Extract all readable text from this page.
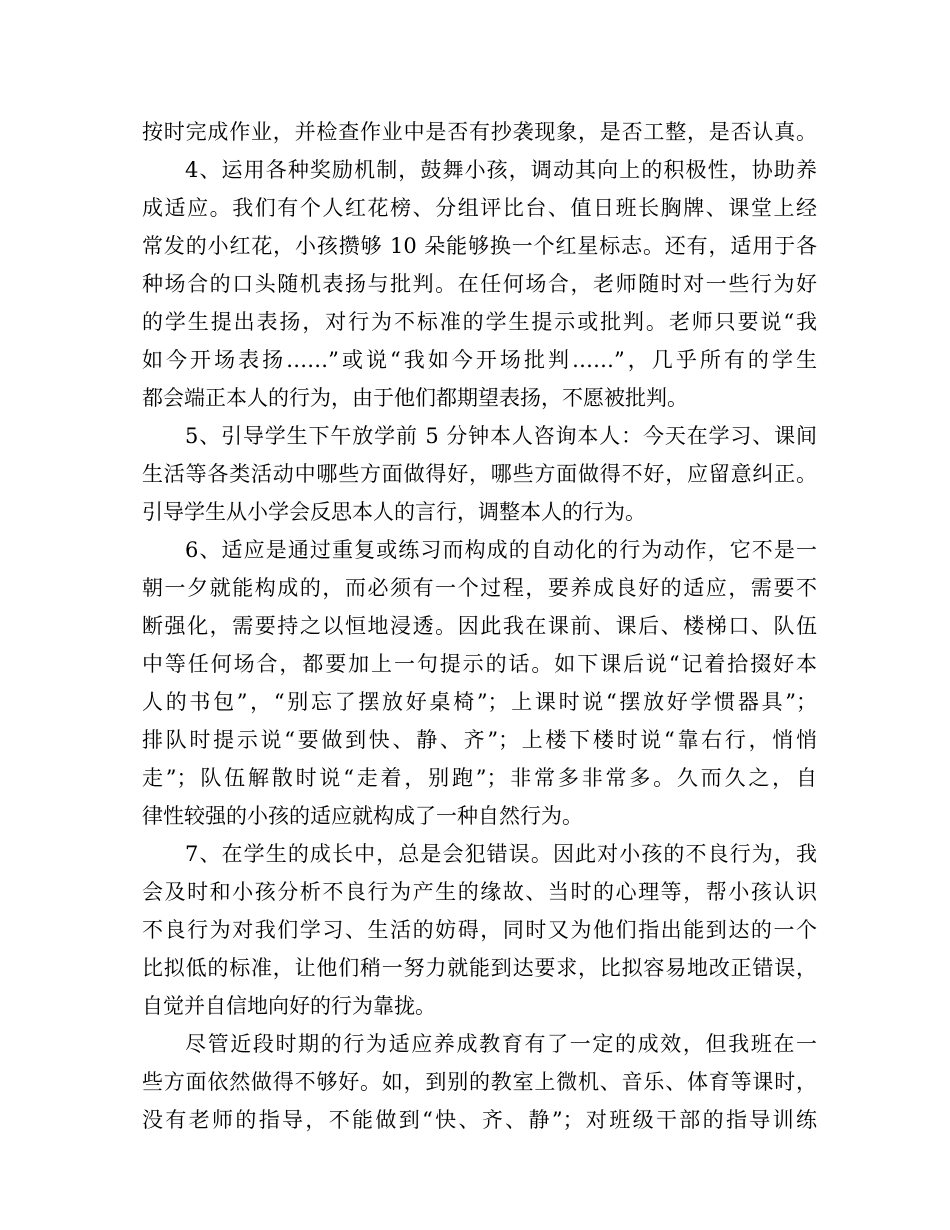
按时完成作业，并检查作业中是否有抄袭现象，是否工整，是否认真。
4、运用各种奖励机制，鼓舞小孩，调动其向上的积极性，协助养
成适应。我们有个人红花榜、分组评比台、值日班长胸牌、课堂上经
常发的小红花，小孩攒够 10 朵能够换一个红星标志。还有，适用于各
种场合的口头随机表扬与批判。在任何场合，老师随时对一些行为好
的学生提出表扬，对行为不标准的学生提示或批判。老师只要说“我
如今开场表扬……”或说“我如今开场批判……”，几乎所有的学生
都会端正本人的行为，由于他们都期望表扬，不愿被批判。
5、引导学生下午放学前 5 分钟本人咨询本人：今天在学习、课间
生活等各类活动中哪些方面做得好，哪些方面做得不好，应留意纠正。
引导学生从小学会反思本人的言行，调整本人的行为。
6、适应是通过重复或练习而构成的自动化的行为动作，它不是一
朝一夕就能构成的，而必须有一个过程，要养成良好的适应，需要不
断强化，需要持之以恒地浸透。因此我在课前、课后、楼梯口、队伍
中等任何场合，都要加上一句提示的话。如下课后说“记着拾掇好本
人的书包”，“别忘了摆放好桌椅”；上课时说“摆放好学惯器具”；
排队时提示说“要做到快、静、齐”；上楼下楼时说“靠右行，悄悄
走”；队伍解散时说“走着，别跑”；非常多非常多。久而久之，自
律性较强的小孩的适应就构成了一种自然行为。
7、在学生的成长中，总是会犯错误。因此对小孩的不良行为，我
会及时和小孩分析不良行为产生的缘故、当时的心理等，帮小孩认识
不良行为对我们学习、生活的妨碍，同时又为他们指出能到达的一个
比拟低的标准，让他们稍一努力就能到达要求，比拟容易地改正错误，
自觉并自信地向好的行为靠拢。
尽管近段时期的行为适应养成教育有了一定的成效，但我班在一
些方面依然做得不够好。如，到别的教室上微机、音乐、体育等课时，
没有老师的指导，不能做到“快、齐、静”；对班级干部的指导训练
